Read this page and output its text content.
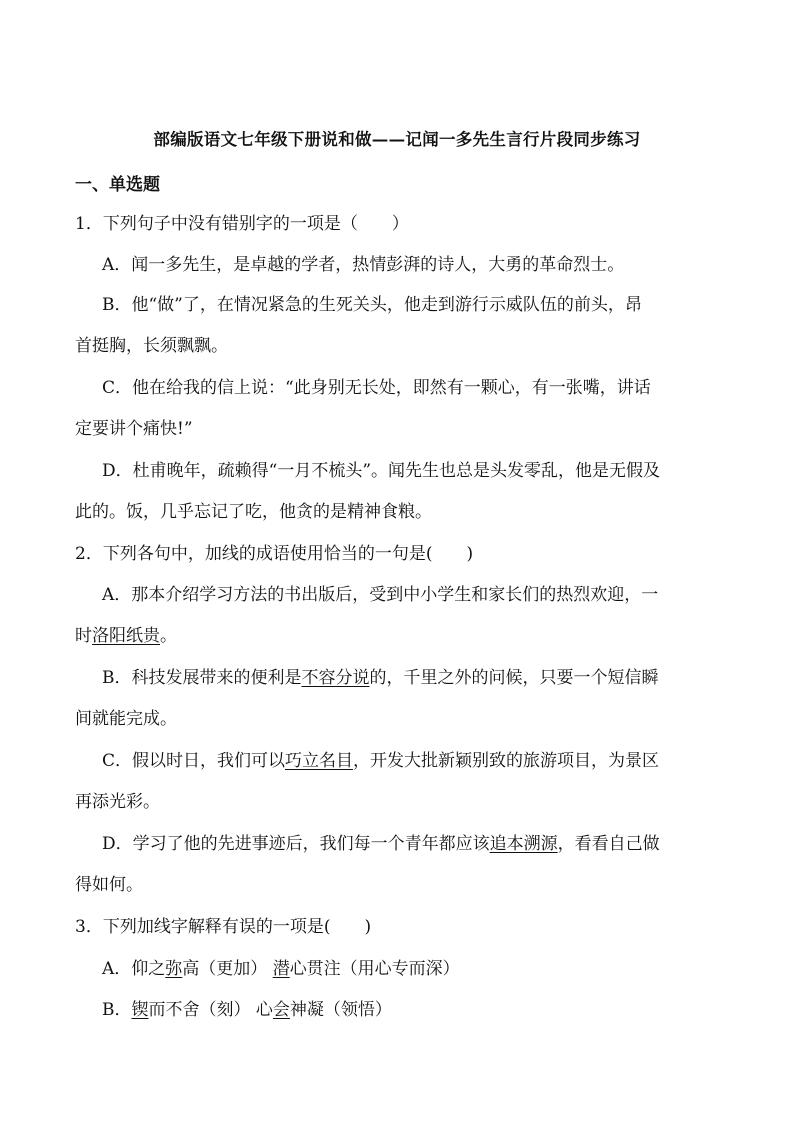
部编版语文七年级下册说和做——记闻一多先生言行片段同步练习
一、单选题
1．下列句子中没有错别字的一项是（　　）
A．闻一多先生，是卓越的学者，热情彭湃的诗人，大勇的革命烈士。
B．他“做”了，在情况紧急的生死关头，他走到游行示威队伍的前头，昂
首挺胸，长须飘飘。
C．他在给我的信上说：“此身别无长处，即然有一颗心，有一张嘴，讲话
定要讲个痛快!”
D．杜甫晚年，疏赖得“一月不梳头”。闻先生也总是头发零乱，他是无假及
此的。饭，几乎忘记了吃，他贪的是精神食粮。
2．下列各句中，加线的成语使用恰当的一句是(　　)
A．那本介绍学习方法的书出版后，受到中小学生和家长们的热烈欢迎，一
时洛阳纸贵。
B．科技发展带来的便利是不容分说的，千里之外的问候，只要一个短信瞬
间就能完成。
C．假以时日，我们可以巧立名目，开发大批新颖别致的旅游项目，为景区
再添光彩。
D．学习了他的先进事迹后，我们每一个青年都应该追本溯源，看看自己做
得如何。
3．下列加线字解释有误的一项是(　　)
A．仰之弥高（更加） 潜心贯注（用心专而深）
B．锲而不舍（刻） 心会神凝（领悟）
